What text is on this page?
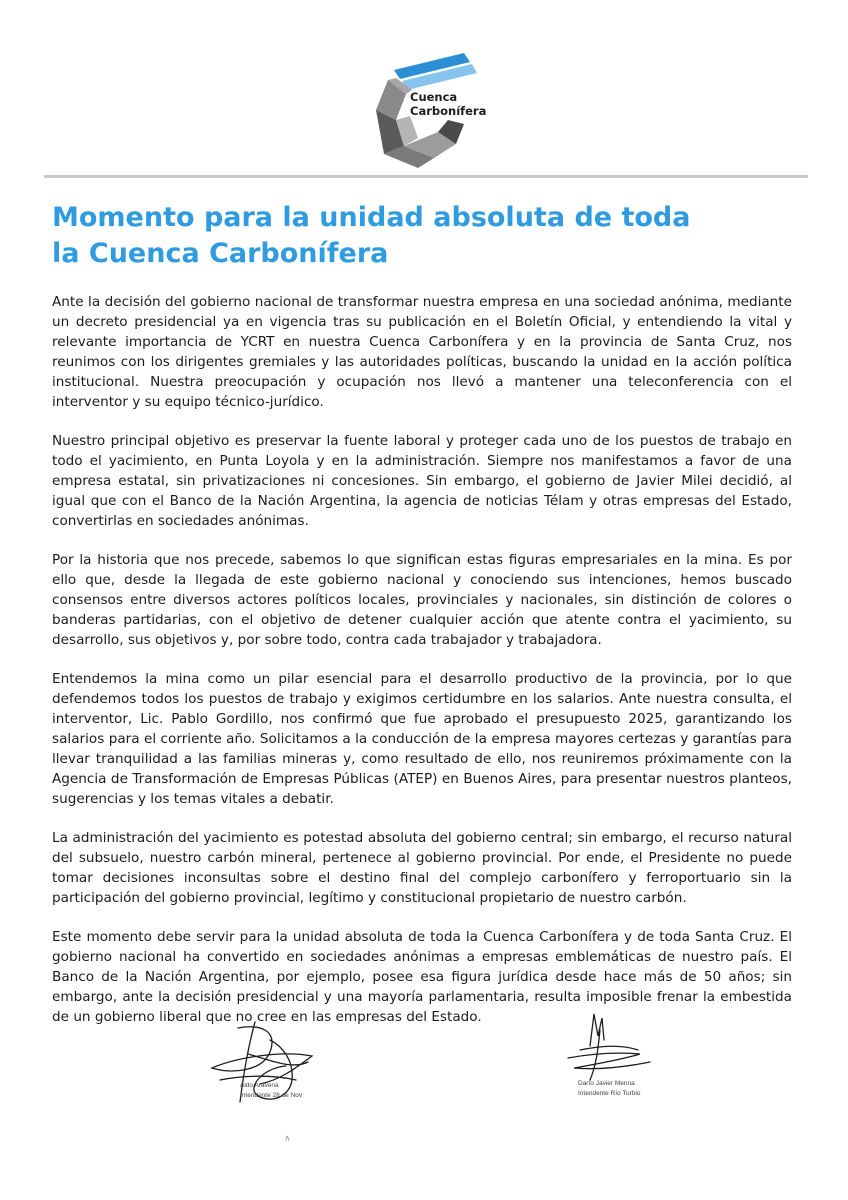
Cuenca
Carbonífera
Momento para la unidad absoluta de toda
la Cuenca Carbonífera

Ante la decisión del gobierno nacional de transformar nuestra empresa en una sociedad anónima, mediante un decreto presidencial ya en vigencia tras su publicación en el Boletín Oficial, y entendiendo la vital y relevante importancia de YCRT en nuestra Cuenca Carbonífera y en la provincia de Santa Cruz, nos reunimos con los dirigentes gremiales y las autoridades políticas, buscando la unidad en la acción política institucional. Nuestra preocupación y ocupación nos llevó a mantener una teleconferencia con el interventor y su equipo técnico-jurídico.

Nuestro principal objetivo es preservar la fuente laboral y proteger cada uno de los puestos de trabajo en todo el yacimiento, en Punta Loyola y en la administración. Siempre nos manifestamos a favor de una empresa estatal, sin privatizaciones ni concesiones. Sin embargo, el gobierno de Javier Milei decidió, al igual que con el Banco de la Nación Argentina, la agencia de noticias Télam y otras empresas del Estado, convertirlas en sociedades anónimas.

Por la historia que nos precede, sabemos lo que significan estas figuras empresariales en la mina. Es por ello que, desde la llegada de este gobierno nacional y conociendo sus intenciones, hemos buscado consensos entre diversos actores políticos locales, provinciales y nacionales, sin distinción de colores o banderas partidarias, con el objetivo de detener cualquier acción que atente contra el yacimiento, su desarrollo, sus objetivos y, por sobre todo, contra cada trabajador y trabajadora.

Entendemos la mina como un pilar esencial para el desarrollo productivo de la provincia, por lo que defendemos todos los puestos de trabajo y exigimos certidumbre en los salarios. Ante nuestra consulta, el interventor, Lic. Pablo Gordillo, nos confirmó que fue aprobado el presupuesto 2025, garantizando los salarios para el corriente año. Solicitamos a la conducción de la empresa mayores certezas y garantías para llevar tranquilidad a las familias mineras y, como resultado de ello, nos reuniremos próximamente con la Agencia de Transformación de Empresas Públicas (ATEP) en Buenos Aires, para presentar nuestros planteos, sugerencias y los temas vitales a debatir.

La administración del yacimiento es potestad absoluta del gobierno central; sin embargo, el recurso natural del subsuelo, nuestro carbón mineral, pertenece al gobierno provincial. Por ende, el Presidente no puede tomar decisiones inconsultas sobre el destino final del complejo carbonífero y ferroportuario sin la participación del gobierno provincial, legítimo y constitucional propietario de nuestro carbón.

Este momento debe servir para la unidad absoluta de toda la Cuenca Carbonífera y de toda Santa Cruz. El gobierno nacional ha convertido en sociedades anónimas a empresas emblemáticas de nuestro país. El Banco de la Nación Argentina, por ejemplo, posee esa figura jurídica desde hace más de 50 años; sin embargo, ante la decisión presidencial y una mayoría parlamentaria, resulta imposible frenar la embestida de un gobierno liberal que no cree en las empresas del Estado.

Aldo Aravena
Intendente 28 de Nov
Darío Javier Menna
Intendente Río Turbio
∧
